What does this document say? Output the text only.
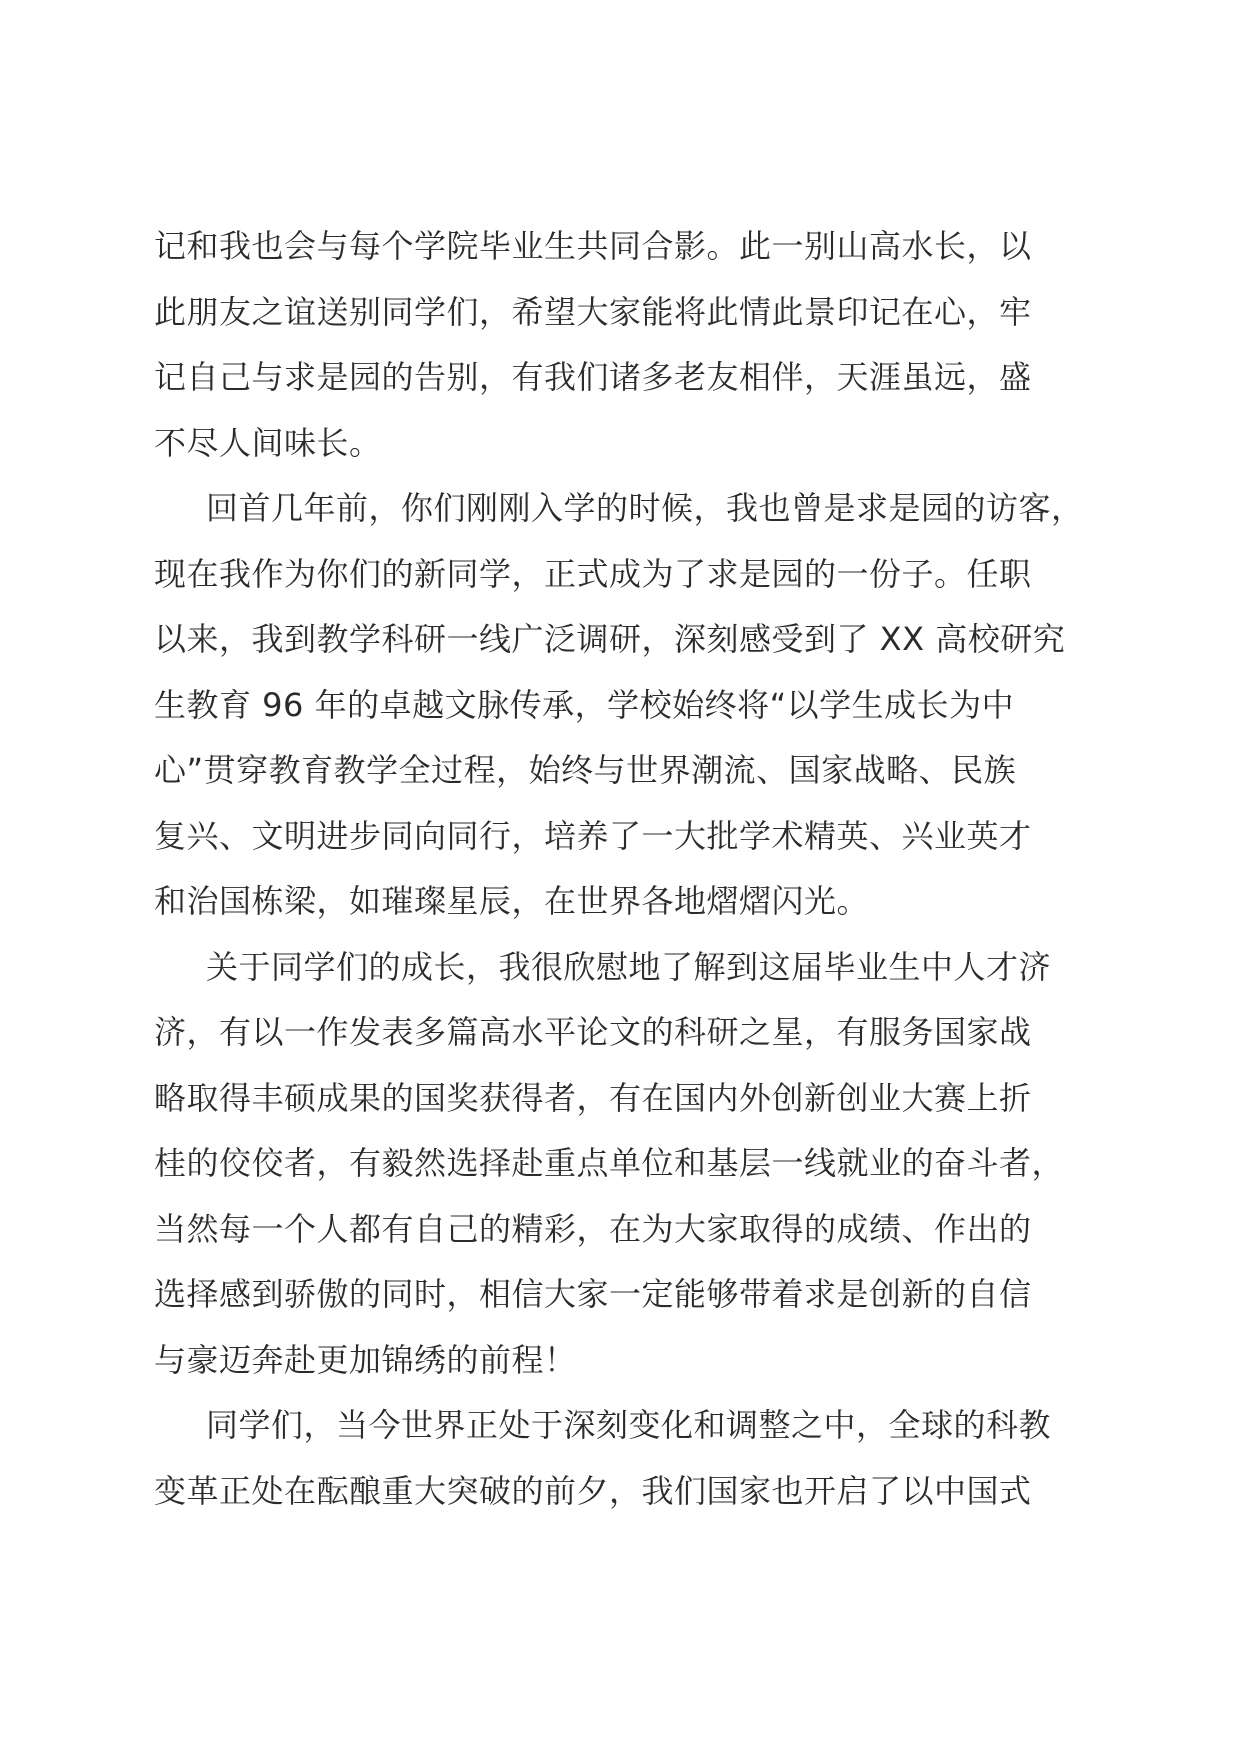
记和我也会与每个学院毕业生共同合影。此一别山高水长，以
此朋友之谊送别同学们，希望大家能将此情此景印记在心，牢
记自己与求是园的告别，有我们诸多老友相伴，天涯虽远，盛
不尽人间味长。
回首几年前，你们刚刚入学的时候，我也曾是求是园的访客，
现在我作为你们的新同学，正式成为了求是园的一份子。任职
以来，我到教学科研一线广泛调研，深刻感受到了 XX 高校研究
生教育 96 年的卓越文脉传承，学校始终将“以学生成长为中
心”贯穿教育教学全过程，始终与世界潮流、国家战略、民族
复兴、文明进步同向同行，培养了一大批学术精英、兴业英才
和治国栋梁，如璀璨星辰，在世界各地熠熠闪光。
关于同学们的成长，我很欣慰地了解到这届毕业生中人才济
济，有以一作发表多篇高水平论文的科研之星，有服务国家战
略取得丰硕成果的国奖获得者，有在国内外创新创业大赛上折
桂的佼佼者，有毅然选择赴重点单位和基层一线就业的奋斗者，
当然每一个人都有自己的精彩，在为大家取得的成绩、作出的
选择感到骄傲的同时，相信大家一定能够带着求是创新的自信
与豪迈奔赴更加锦绣的前程！
同学们，当今世界正处于深刻变化和调整之中，全球的科教
变革正处在酝酿重大突破的前夕，我们国家也开启了以中国式
